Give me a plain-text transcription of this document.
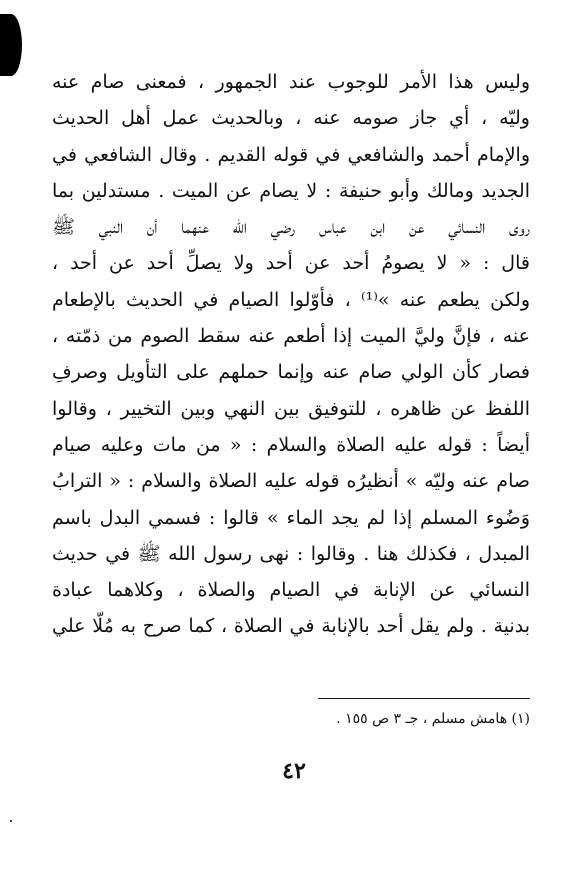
وليس هذا الأمر للوجوب عند الجمهور ، فمعنى صام عنه
وليّه ، أي جاز صومه عنه ، وبالحديث عمل أهل الحديث
والإمام أحمد والشافعي في قوله القديم . وقال الشافعي في
الجديد ومالك وأبو حنيفة : لا يصام عن الميت . مستدلين بما
روى النسائي عن ابن عباس رضي الله عنهما أن النبي ﷺ
قال : « لا يصومُ أحد عن أحد ولا يصلِّ أحد عن أحد ،
ولكن يطعم عنه »⁽¹⁾ ، فأوّلوا الصيام في الحديث بالإطعام
عنه ، فإنَّ وليَّ الميت إذا أطعم عنه سقط الصوم من ذمّته ،
فصار كأن الولي صام عنه وإنما حملهم على التأويل وصرفِ
اللفظ عن ظاهره ، للتوفيق بين النهي وبين التخيير ، وقالوا
أيضاً : قوله عليه الصلاة والسلام : « من مات وعليه صيام
صام عنه وليّه » أنظيرُه قوله عليه الصلاة والسلام : « الترابُ
وَضُوء المسلم إذا لم يجد الماء » قالوا : فسمي البدل باسم
المبدل ، فكذلك هنا . وقالوا : نهى رسول الله ﷺ في حديث
النسائي عن الإنابة في الصيام والصلاة ، وكلاهما عبادة
بدنية . ولم يقل أحد بالإنابة في الصلاة ، كما صرح به مُلّا علي
(١) هامش مسلم ، جـ ٣ ص ١٥٥ .
٤٢
